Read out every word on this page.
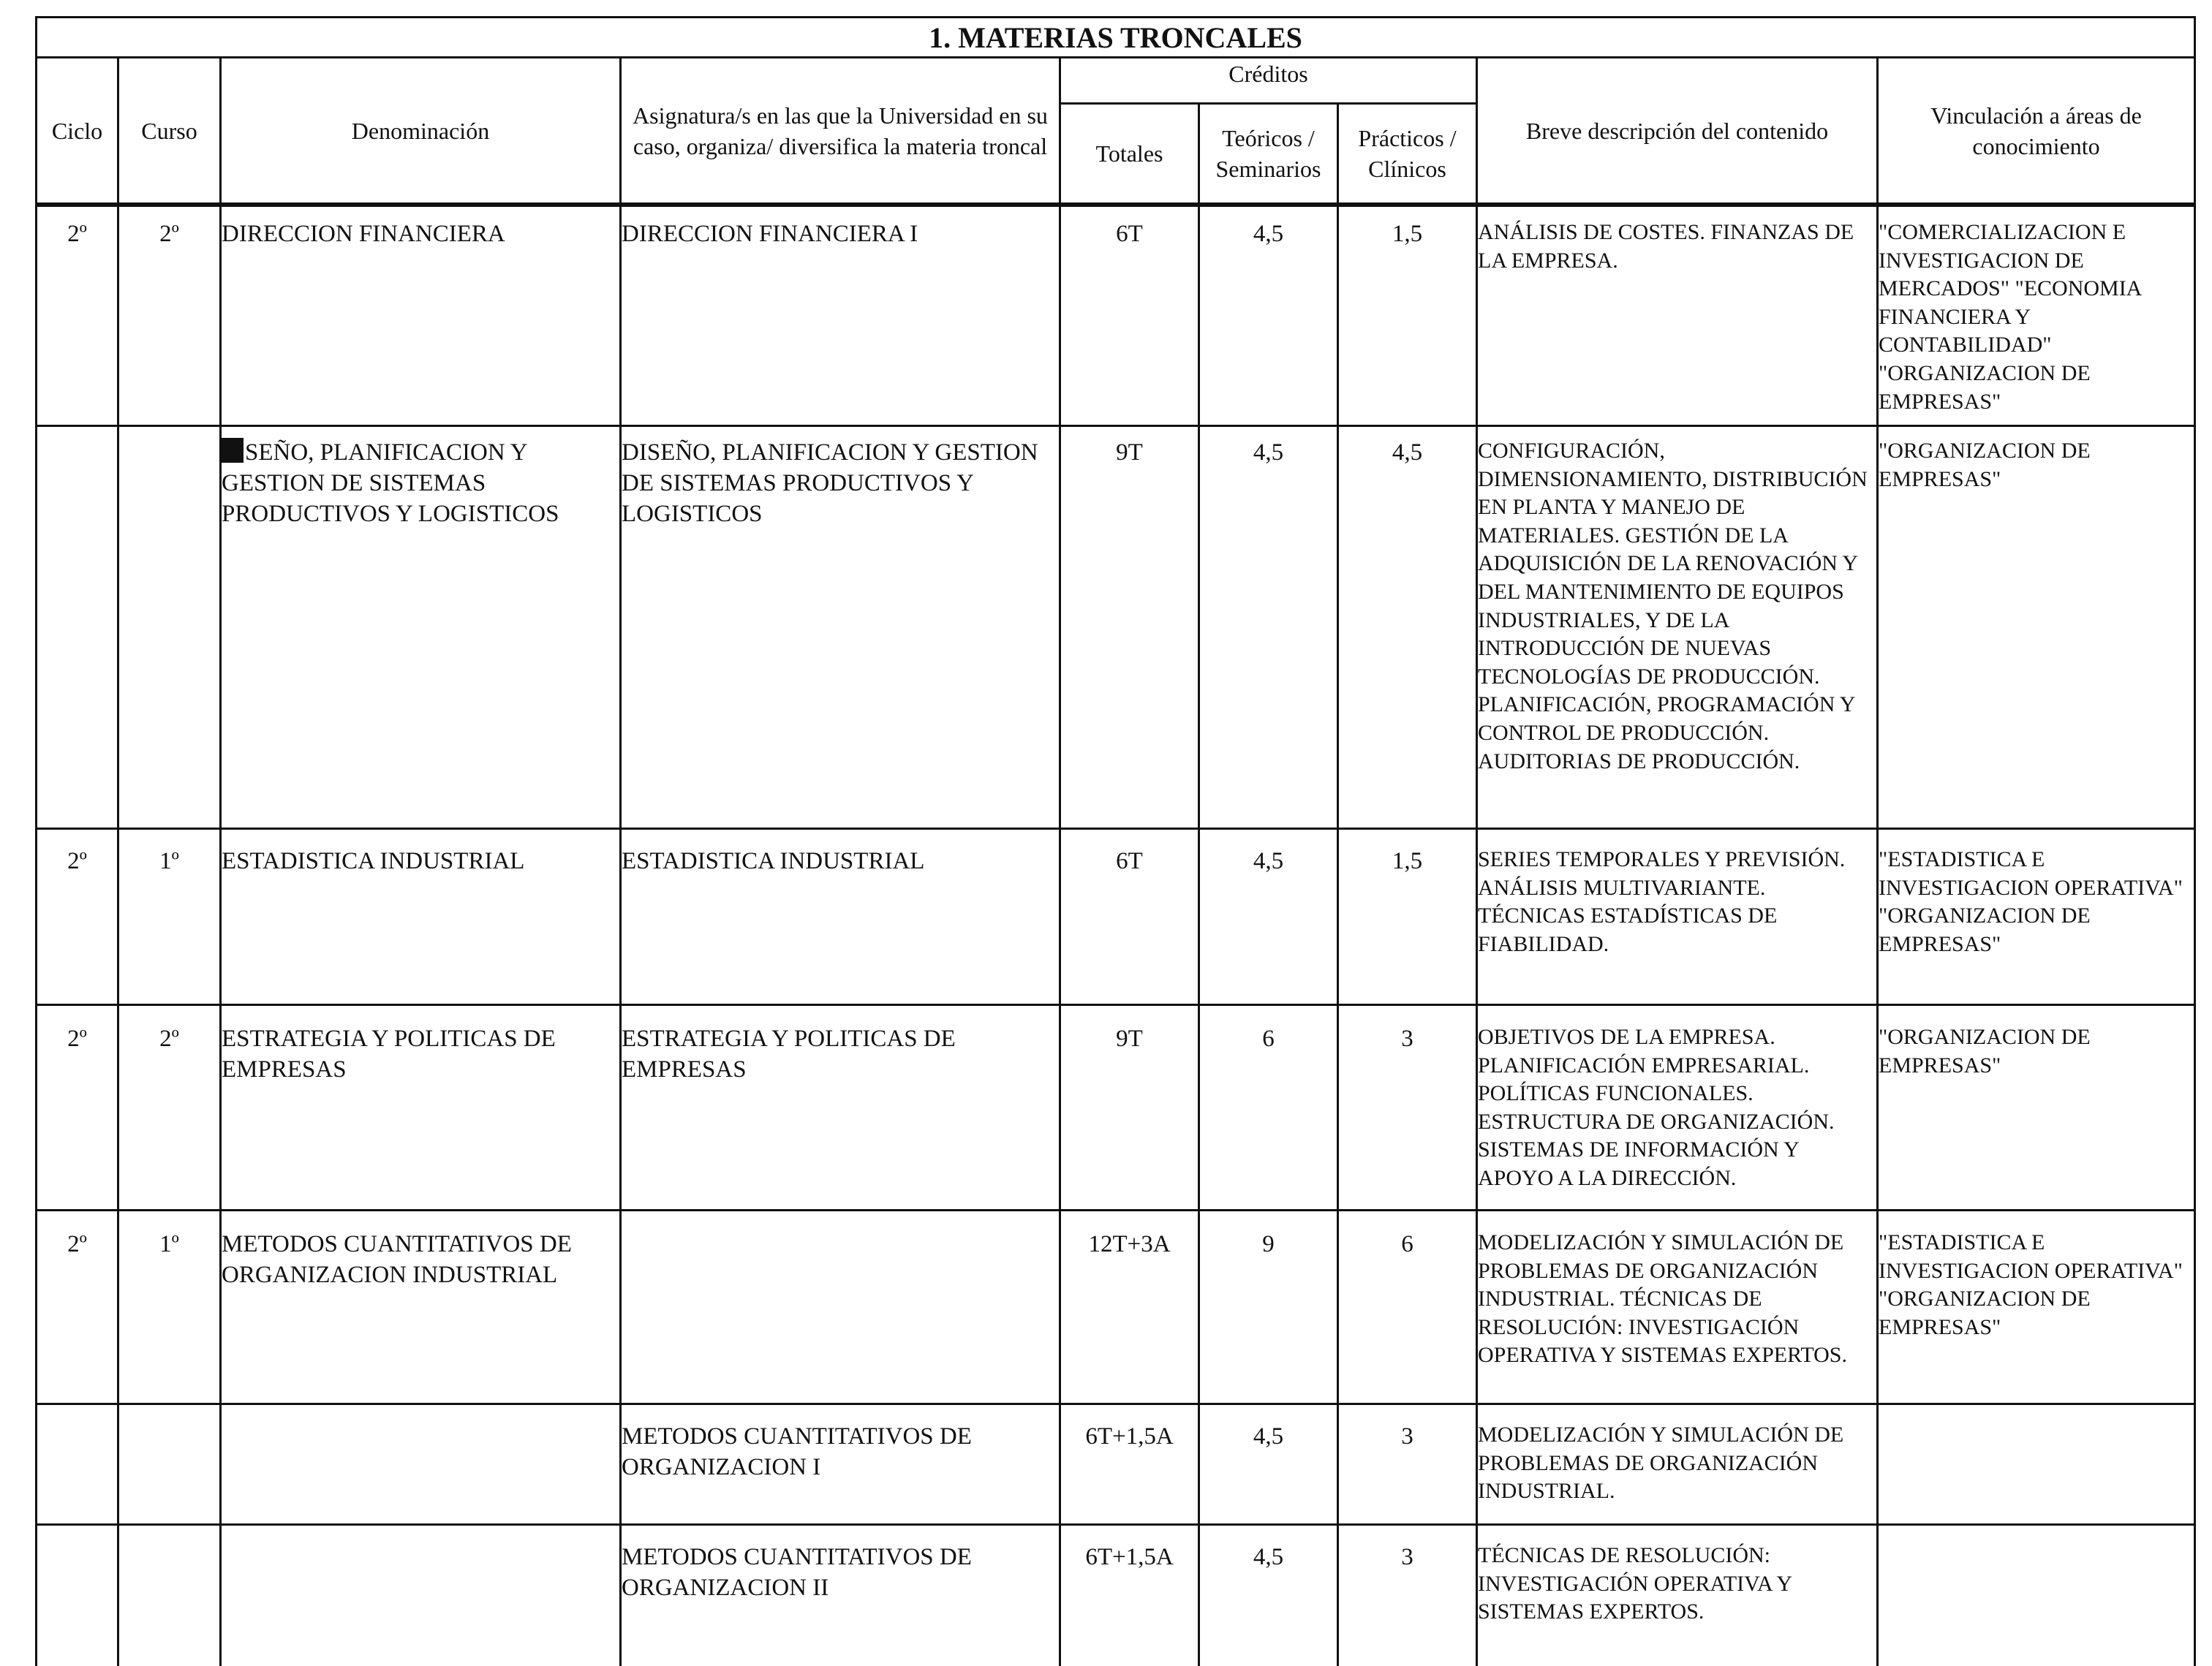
1. MATERIAS TRONCALES								
Ciclo	Curso	Denominación	Asignatura/s en las que la Universidad en su caso, organiza/ diversifica la materia troncal	Créditos			Breve descripción del contenido	Vinculación a áreas de conocimiento
				Totales	Teóricos / Seminarios	Prácticos / Clínicos		
2º	2º	DIRECCION FINANCIERA	DIRECCION FINANCIERA I	6T	4,5	1,5	ANÁLISIS DE COSTES. FINANZAS DE LA EMPRESA.	"COMERCIALIZACION E INVESTIGACION DE MERCADOS" "ECONOMIA FINANCIERA Y CONTABILIDAD" "ORGANIZACION DE EMPRESAS"
		SEÑO, PLANIFICACION Y GESTION DE SISTEMAS PRODUCTIVOS Y LOGISTICOS	DISEÑO, PLANIFICACION Y GESTION DE SISTEMAS PRODUCTIVOS Y LOGISTICOS	9T	4,5	4,5	CONFIGURACIÓN, DIMENSIONAMIENTO, DISTRIBUCIÓN EN PLANTA Y MANEJO DE MATERIALES. GESTIÓN DE LA ADQUISICIÓN DE LA RENOVACIÓN Y DEL MANTENIMIENTO DE EQUIPOS INDUSTRIALES, Y DE LA INTRODUCCIÓN DE NUEVAS TECNOLOGÍAS DE PRODUCCIÓN. PLANIFICACIÓN, PROGRAMACIÓN Y CONTROL DE PRODUCCIÓN. AUDITORIAS DE PRODUCCIÓN.	"ORGANIZACION DE EMPRESAS"
2º	1º	ESTADISTICA INDUSTRIAL	ESTADISTICA INDUSTRIAL	6T	4,5	1,5	SERIES TEMPORALES Y PREVISIÓN. ANÁLISIS MULTIVARIANTE. TÉCNICAS ESTADÍSTICAS DE FIABILIDAD.	"ESTADISTICA E INVESTIGACION OPERATIVA" "ORGANIZACION DE EMPRESAS"
2º	2º	ESTRATEGIA Y POLITICAS DE EMPRESAS	ESTRATEGIA Y POLITICAS DE EMPRESAS	9T	6	3	OBJETIVOS DE LA EMPRESA. PLANIFICACIÓN EMPRESARIAL. POLÍTICAS FUNCIONALES. ESTRUCTURA DE ORGANIZACIÓN. SISTEMAS DE INFORMACIÓN Y APOYO A LA DIRECCIÓN.	"ORGANIZACION DE EMPRESAS"
2º	1º	METODOS CUANTITATIVOS DE ORGANIZACION INDUSTRIAL		12T+3A	9	6	MODELIZACIÓN Y SIMULACIÓN DE PROBLEMAS DE ORGANIZACIÓN INDUSTRIAL. TÉCNICAS DE RESOLUCIÓN: INVESTIGACIÓN OPERATIVA Y SISTEMAS EXPERTOS.	"ESTADISTICA E INVESTIGACION OPERATIVA" "ORGANIZACION DE EMPRESAS"
			METODOS CUANTITATIVOS DE ORGANIZACION I	6T+1,5A	4,5	3	MODELIZACIÓN Y SIMULACIÓN DE PROBLEMAS DE ORGANIZACIÓN INDUSTRIAL.	
			METODOS CUANTITATIVOS DE ORGANIZACION II	6T+1,5A	4,5	3	TÉCNICAS DE RESOLUCIÓN: INVESTIGACIÓN OPERATIVA Y SISTEMAS EXPERTOS.	
